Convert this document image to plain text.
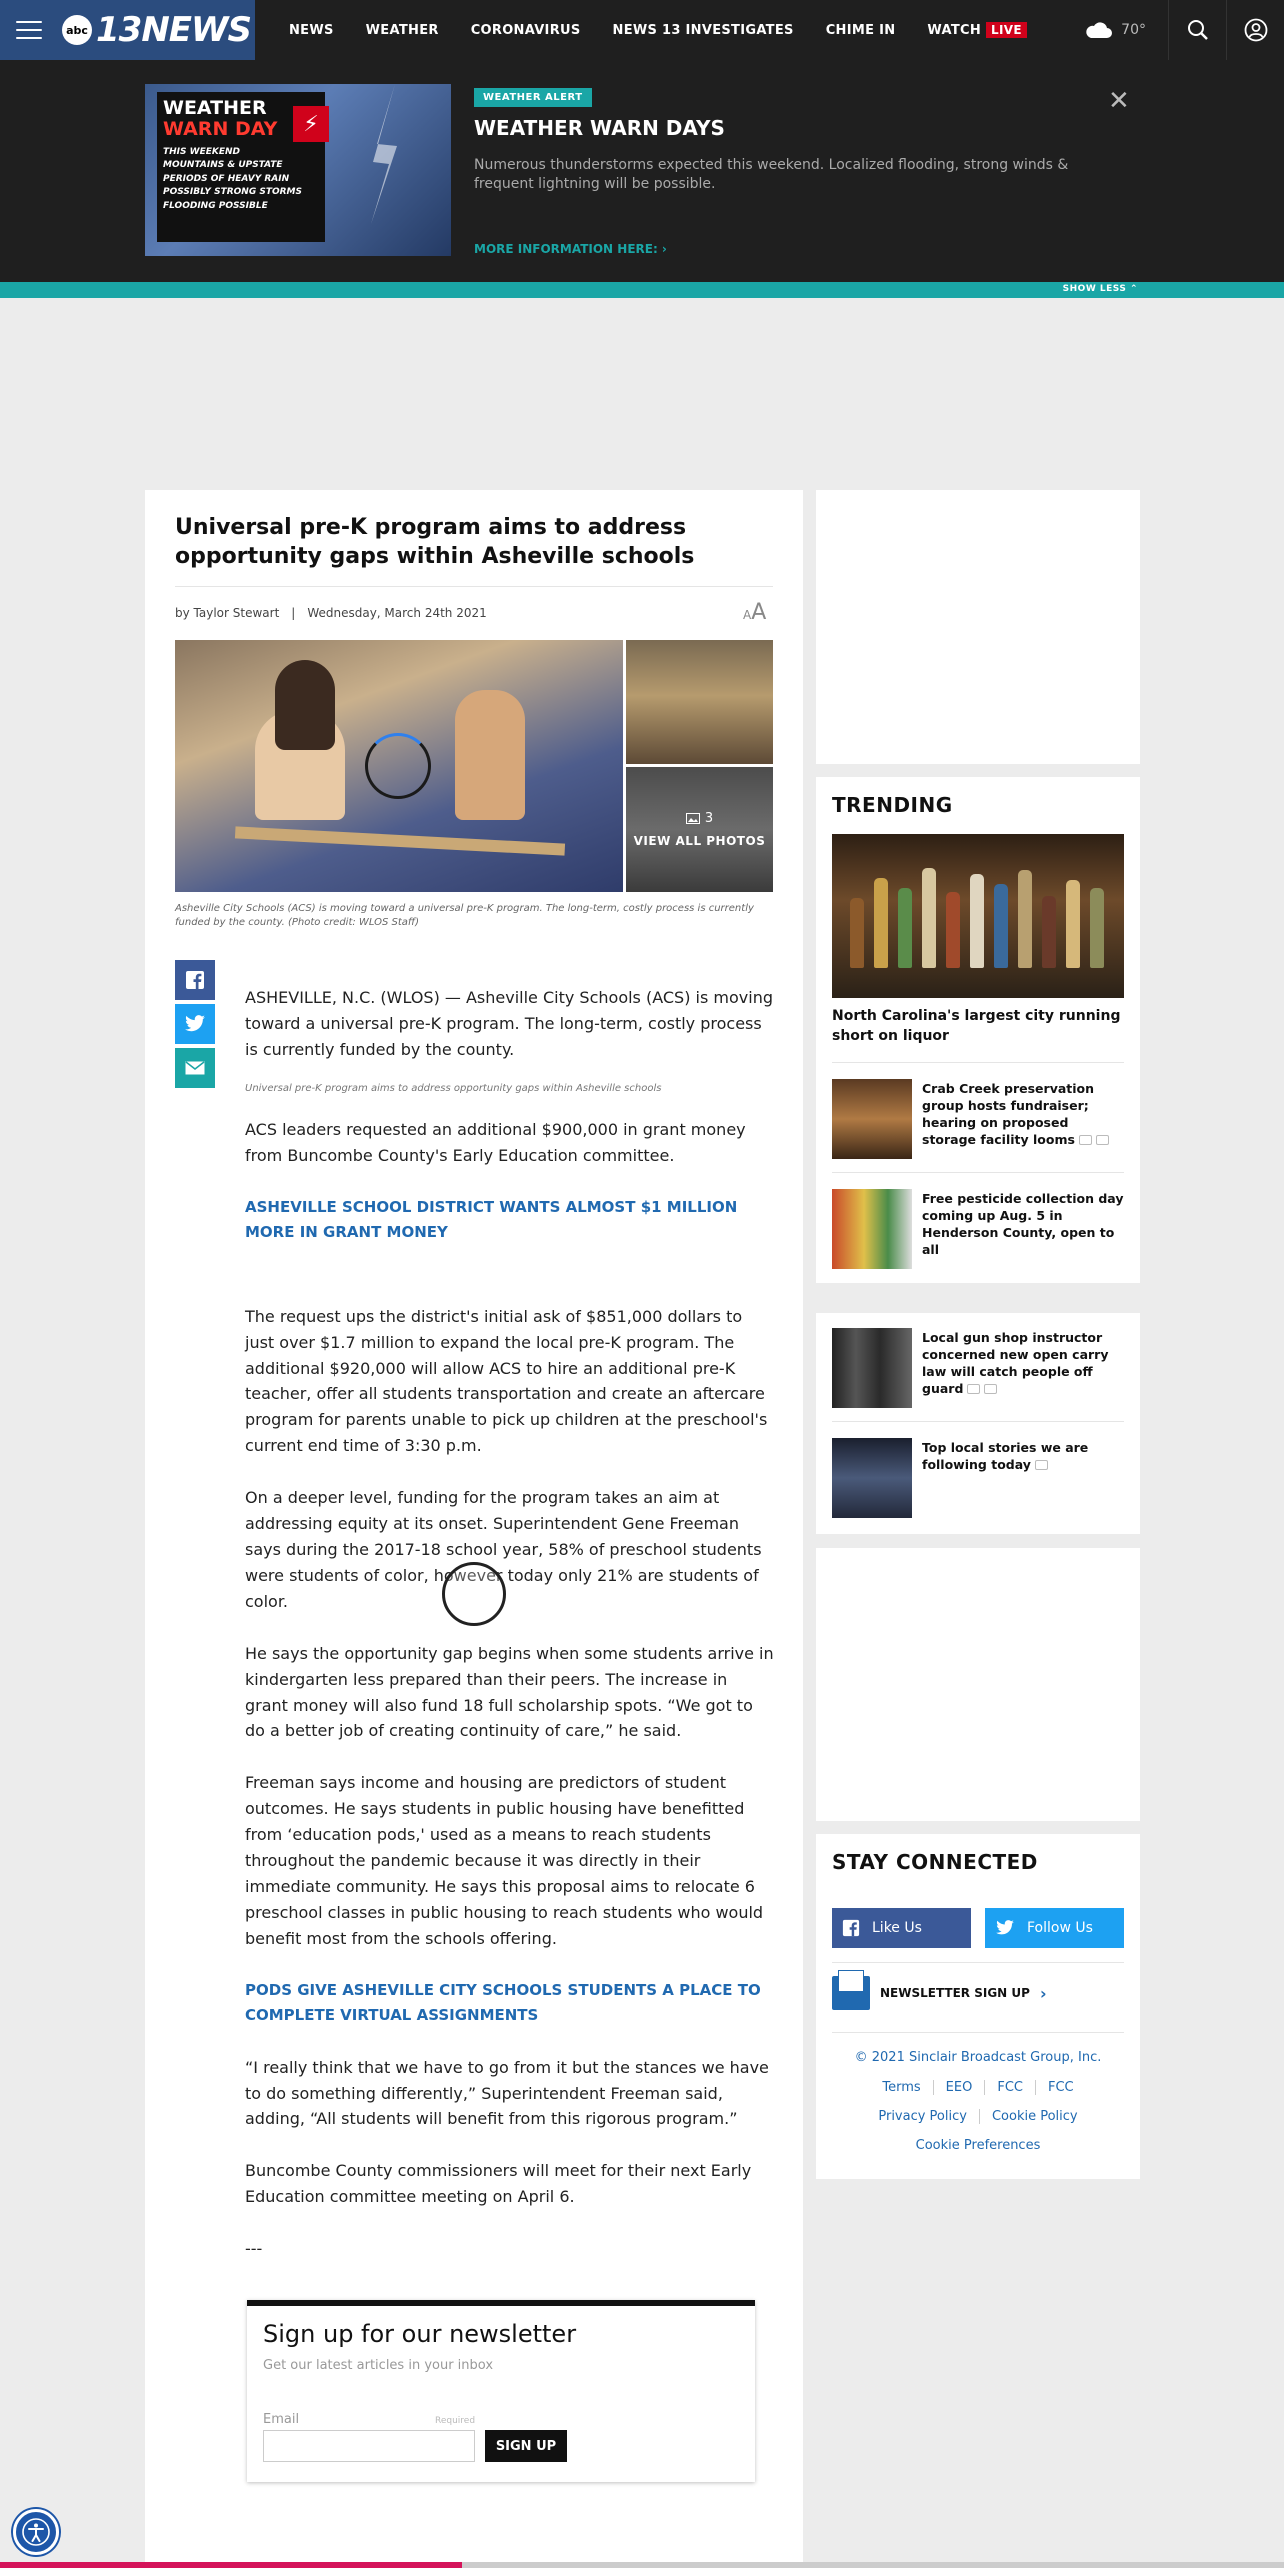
abc 13NEWS	NEWS	WEATHER	CORONAVIRUS	NEWS 13 INVESTIGATES	CHIME IN	WATCH LIVE	70°
WEATHER
WARN DAY
THIS WEEKEND
MOUNTAINS & UPSTATE
PERIODS OF HEAVY RAIN
POSSIBLY STRONG STORMS
FLOODING POSSIBLE
⚡
WEATHER ALERT
WEATHER WARN DAYS
Numerous thunderstorms expected this weekend. Localized flooding, strong winds & frequent lightning will be possible.
MORE INFORMATION HERE: ›
✕
SHOW LESS ⌃
Universal pre-K program aims to address opportunity gaps within Asheville schools
by Taylor Stewart | Wednesday, March 24th 2021	AA
3
VIEW ALL PHOTOS
Asheville City Schools (ACS) is moving toward a universal pre-K program. The long-term, costly process is currently funded by the county. (Photo credit: WLOS Staff)

ASHEVILLE, N.C. (WLOS) — Asheville City Schools (ACS) is moving toward a universal pre-K program. The long-term, costly process is currently funded by the county.

Universal pre-K program aims to address opportunity gaps within Asheville schools

ACS leaders requested an additional $900,000 in grant money from Buncombe County's Early Education committee.

ASHEVILLE SCHOOL DISTRICT WANTS ALMOST $1 MILLION MORE IN GRANT MONEY

The request ups the district's initial ask of $851,000 dollars to just over $1.7 million to expand the local pre-K program. The additional $920,000 will allow ACS to hire an additional pre-K teacher, offer all students transportation and create an aftercare program for parents unable to pick up children at the preschool's current end time of 3:30 p.m.

On a deeper level, funding for the program takes an aim at addressing equity at its onset. Superintendent Gene Freeman says during the 2017-18 school year, 58% of preschool students were students of color, however today only 21% are students of color.

He says the opportunity gap begins when some students arrive in kindergarten less prepared than their peers. The increase in grant money will also fund 18 full scholarship spots. “We got to do a better job of creating continuity of care,” he said.

Freeman says income and housing are predictors of student outcomes. He says students in public housing have benefitted from ‘education pods,' used as a means to reach students throughout the pandemic because it was directly in their immediate community. He says this proposal aims to relocate 6 preschool classes in public housing to reach students who would benefit most from the schools offering.

PODS GIVE ASHEVILLE CITY SCHOOLS STUDENTS A PLACE TO COMPLETE VIRTUAL ASSIGNMENTS

“I really think that we have to go from it but the stances we have to do something differently,” Superintendent Freeman said, adding, “All students will benefit from this rigorous program.”

Buncombe County commissioners will meet for their next Early Education committee meeting on April 6.

---

Sign up for our newsletter
Get our latest articles in your inbox
Email	Required
SIGN UP
TRENDING
North Carolina's largest city running short on liquor
Crab Creek preservation group hosts fundraiser; hearing on proposed storage facility looms
Free pesticide collection day coming up Aug. 5 in Henderson County, open to all
Local gun shop instructor concerned new open carry law will catch people off guard
Top local stories we are following today
STAY CONNECTED
Like Us	Follow Us
NEWSLETTER SIGN UP ›
© 2021 Sinclair Broadcast Group, Inc.
Terms	EEO	FCC	FCC
Privacy Policy	Cookie Policy
Cookie Preferences
